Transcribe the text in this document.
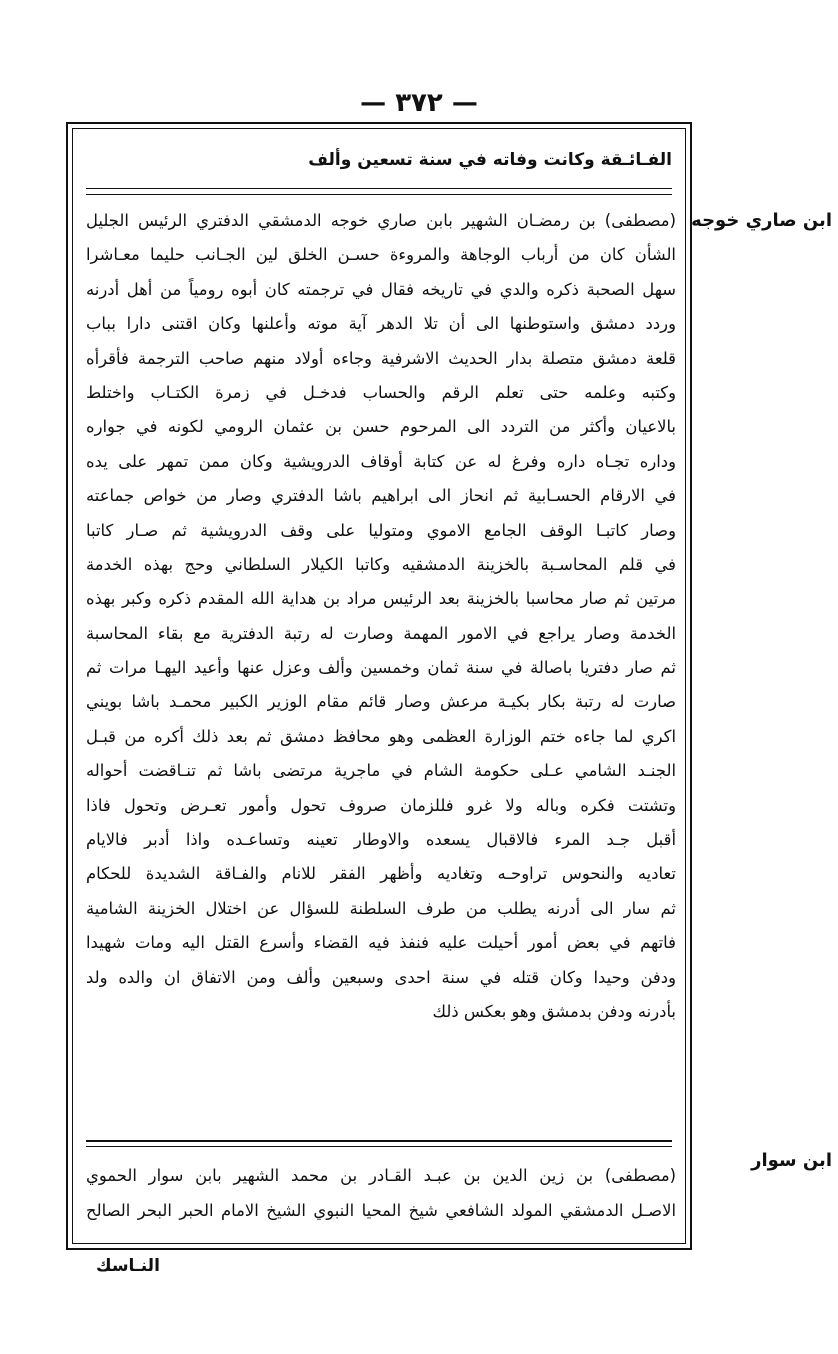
— ٣٧٢ —
الفـائـقة وكانت وفاته في سنة تسعين وألف
(مصطفى) بن رمضـان الشهير بابن صاري خوجه الدمشقي الدفتري الرئيس الجليل
الشأن كان من أرباب الوجاهة والمروءة حسـن الخلق لين الجـانب حليما معـاشرا
سهل الصحبة ذكره والدي في تاريخه فقال في ترجمته كان أبوه رومياً من أهل أدرنه
وردد دمشق واستوطنها الى أن تلا الدهر آية موته وأعلنها وكان اقتنى دارا بباب
قلعة دمشق متصلة بدار الحديث الاشرفية وجاءه أولاد منهم صاحب الترجمة فأقرأه
وكتبه وعلمه حتى تعلم الرقم والحساب فدخـل في زمرة الكتـاب واختلط
بالاعيان وأكثر من التردد الى المرحوم حسن بن عثمان الرومي لكونه في جواره
وداره تجـاه داره وفرغ له عن كتابة أوقاف الدرويشية وكان ممن تمهر على يده
في الارقام الحسـابية ثم انحاز الى ابراهيم باشا الدفتري وصار من خواص جماعته
وصار كاتبـا الوقف الجامع الاموي ومتوليا على وقف الدرويشية ثم صـار كاتبا
في قلم المحاسـبة بالخزينة الدمشقيه وكاتبا الكيلار السلطاني وحج بهذه الخدمة
مرتين ثم صار محاسبا بالخزينة بعد الرئيس مراد بن هداية الله المقدم ذكره وكبر بهذه
الخدمة وصار يراجع في الامور المهمة وصارت له رتبة الدفترية مع بقاء المحاسبة
ثم صار دفتريا باصالة في سنة ثمان وخمسين وألف وعزل عنها وأعيد اليهـا مرات ثم
صارت له رتبة بكار بكيـة مرعش وصار قائم مقام الوزير الكبير محمـد باشا بويني
اكري لما جاءه ختم الوزارة العظمى وهو محافظ دمشق ثم بعد ذلك أكره من قبـل
الجنـد الشامي عـلى حكومة الشام في ماجرية مرتضى باشا ثم تنـاقضت أحواله
وتشتت فكره وباله ولا غرو فللزمان صروف تحول وأمور تعـرض وتحول فاذا
أقبل جـد المرء فالاقبال يسعده والاوطار تعينه وتساعـده واذا أدبر فالايام
تعاديه والنحوس تراوحـه وتغاديه وأظهر الفقر للانام والفـاقة الشديدة للحكام
ثم سار الى أدرنه يطلب من طرف السلطنة للسؤال عن اختلال الخزينة الشامية
فاتهم في بعض أمور أحيلت عليه فنفذ فيه القضاء وأسرع القتل اليه ومات شهيدا
ودفن وحيدا وكان قتله في سنة احدى وسبعين وألف ومن الاتفاق ان والده ولد
بأدرنه ودفن بدمشق وهو بعكس ذلك
(مصطفى) بن زين الدين بن عبـد القـادر بن محمد الشهير بابن سوار الحموي
الاصـل الدمشقي المولد الشافعي شيخ المحيا النبوي الشيخ الامام الحبر البحر الصالح
ابن صاري خوجه
ابن سوار
النـاسك
